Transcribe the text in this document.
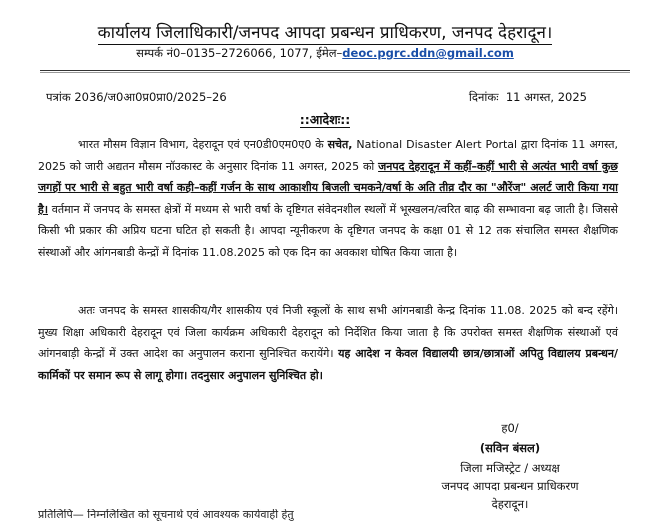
कार्यालय जिलाधिकारी/जनपद आपदा प्रबन्धन प्राधिकरण, जनपद देहरादून।
सम्पर्क नं0–0135–2726066, 1077, ईमेल–deoc.pgrc.ddn@gmail.com
पत्रांक 2036/ज0आ0प्र0प्रा0/2025–26	दिनांकः 11 अगस्त, 2025
::आदेशः::
भारत मौसम विज्ञान विभाग, देहरादून एवं एन0डी0एम0ए0 के सचेत, National Disaster Alert Portal द्वारा दिनांक 11 अगस्त, 2025 को जारी अद्यतन मौसम नॉउकास्ट के अनुसार दिनांक 11 अगस्त, 2025 को जनपद देहरादून में कहीं–कहीं भारी से अत्यंत भारी वर्षा कुछ जगहों पर भारी से बहुत भारी वर्षा कही–कहीं गर्जन के साथ आकाशीय बिजली चमकने/वर्षा के अति तीव्र दौर का "औरेंज" अलर्ट जारी किया गया है। वर्तमान में जनपद के समस्त क्षेत्रों में मध्यम से भारी वर्षा के दृष्टिगत संवेदनशील स्थलों में भूस्खलन/त्वरित बाढ़ की सम्भावना बढ़ जाती है। जिससे किसी भी प्रकार की अप्रिय घटना घटित हो सकती है। आपदा न्यूनीकरण के दृष्टिगत जनपद के कक्षा 01 से 12 तक संचालित समस्त शैक्षणिक संस्थाओं और आंगनबाडी केन्द्रों में दिनांक 11.08.2025 को एक दिन का अवकाश घोषित किया जाता है।
अतः जनपद के समस्त शासकीय/गैर शासकीय एवं निजी स्कूलों के साथ सभी आंगनबाडी केन्द्र दिनांक 11.08. 2025 को बन्द रहेंगे। मुख्य शिक्षा अधिकारी देहरादून एवं जिला कार्यक्रम अधिकारी देहरादून को निर्देशित किया जाता है कि उपरोक्त समस्त शैक्षणिक संस्थाओं एवं आंगनबाड़ी केन्द्रों में उक्त आदेश का अनुपालन कराना सुनिश्चित करायेंगे। यह आदेश न केवल विद्यालयी छात्र/छात्राओं अपितु विद्यालय प्रबन्धन/कार्मिकों पर समान रूप से लागू होगा। तदनुसार अनुपालन सुनिश्चित हो।
ह0/
(सविन बंसल)
जिला मजिस्ट्रेट / अध्यक्ष
जनपद आपदा प्रबन्धन प्राधिकरण
देहरादून।
प्रतिलिपि— निम्नलिखित को सूचनार्थ एवं आवश्यक कार्यवाही हेतु
